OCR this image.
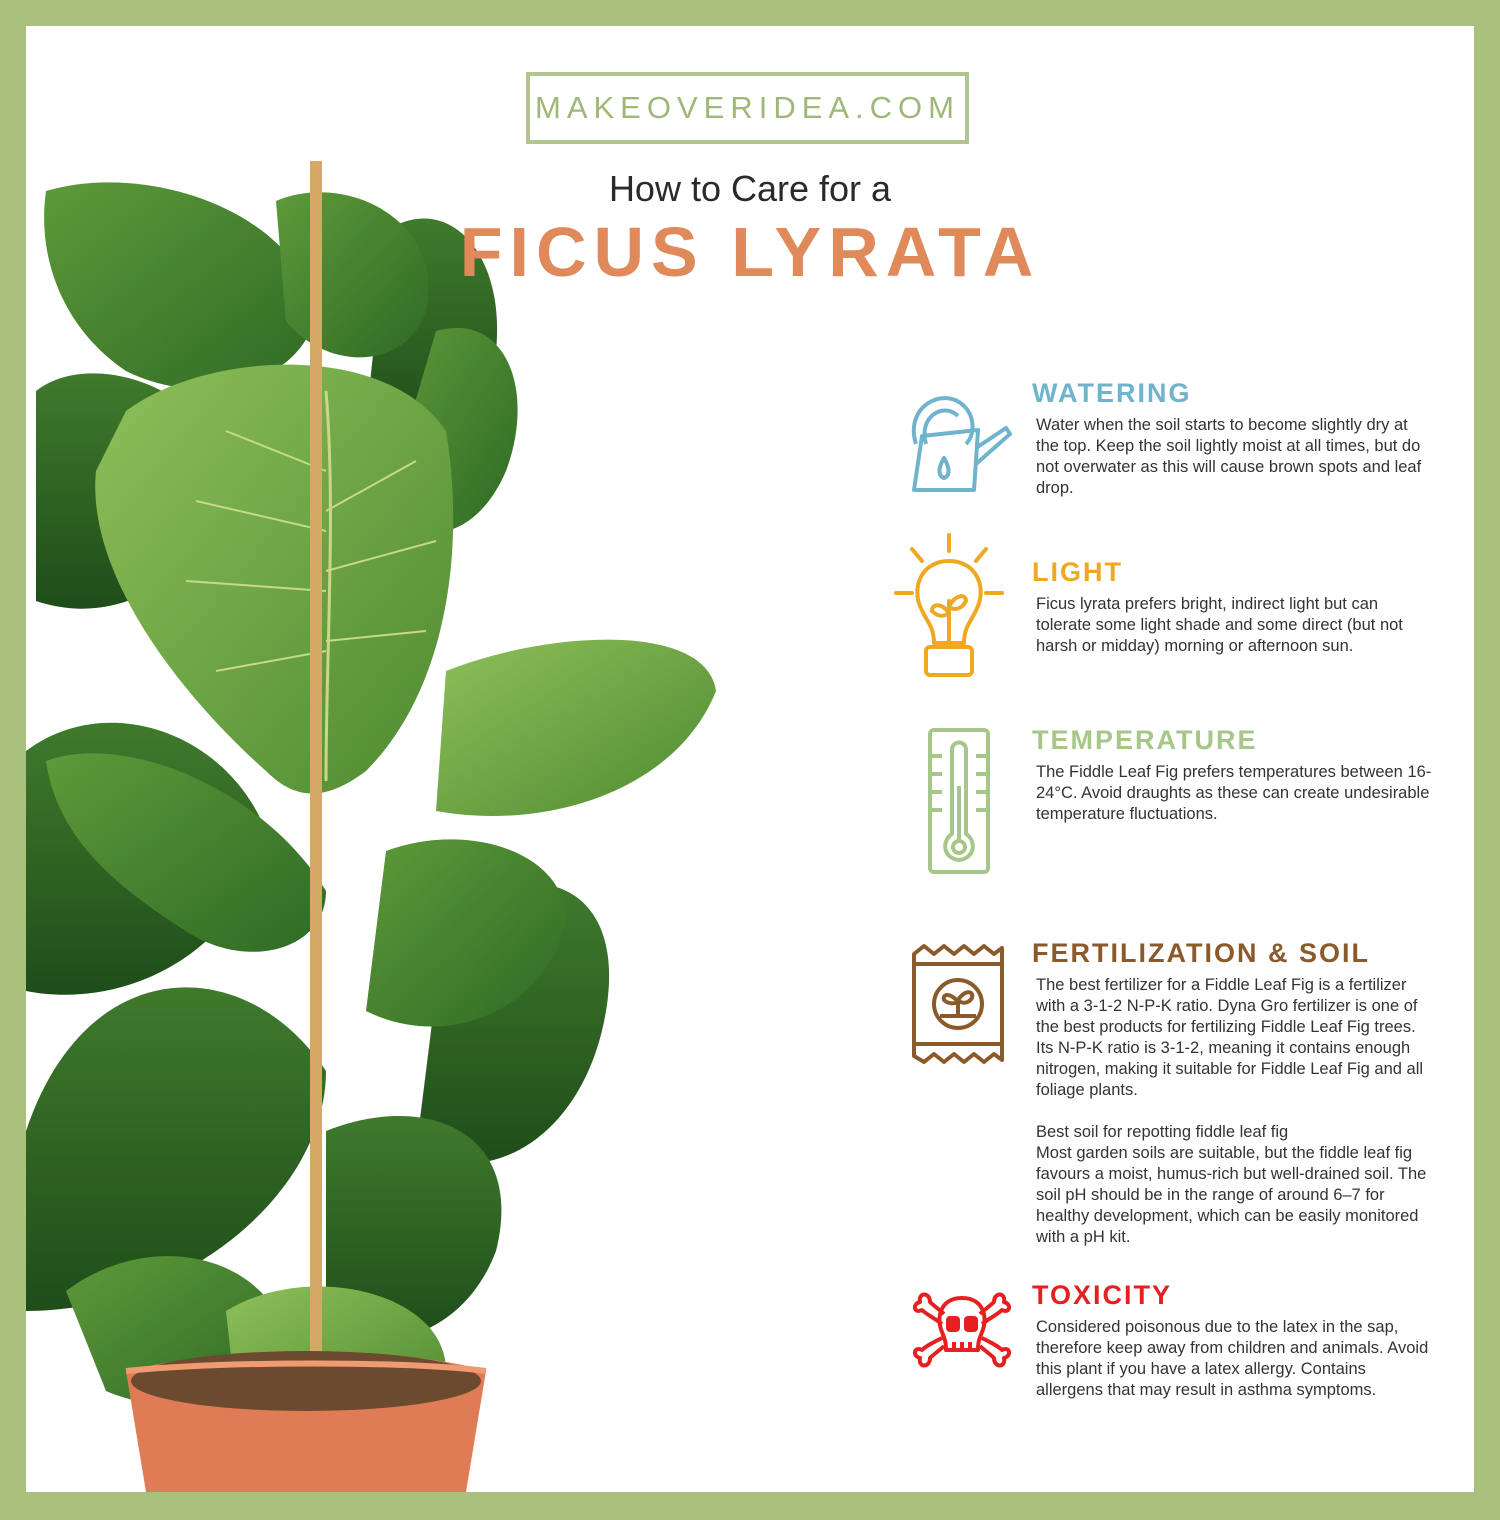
MAKEOVERIDEA.COM
How to Care for a
FICUS LYRATA
WATERING
Water when the soil starts to become slightly dry at the top. Keep the soil lightly moist at all times, but do not overwater as this will cause brown spots and leaf drop.
LIGHT
Ficus lyrata prefers bright, indirect light but can tolerate some light shade and some direct (but not harsh or midday) morning or afternoon sun.
TEMPERATURE
The Fiddle Leaf Fig prefers temperatures between 16-24°C. Avoid draughts as these can create undesirable temperature fluctuations.
FERTILIZATION & SOIL
The best fertilizer for a Fiddle Leaf Fig is a fertilizer with a 3-1-2 N-P-K ratio. Dyna Gro fertilizer is one of the best products for fertilizing Fiddle Leaf Fig trees. Its N-P-K ratio is 3-1-2, meaning it contains enough nitrogen, making it suitable for Fiddle Leaf Fig and all foliage plants.

Best soil for repotting fiddle leaf fig
Most garden soils are suitable, but the fiddle leaf fig favours a moist, humus-rich but well-drained soil. The soil pH should be in the range of around 6–7 for healthy development, which can be easily monitored with a pH kit.
TOXICITY
Considered poisonous due to the latex in the sap, therefore keep away from children and animals. Avoid this plant if you have a latex allergy. Contains allergens that may result in asthma symptoms.
